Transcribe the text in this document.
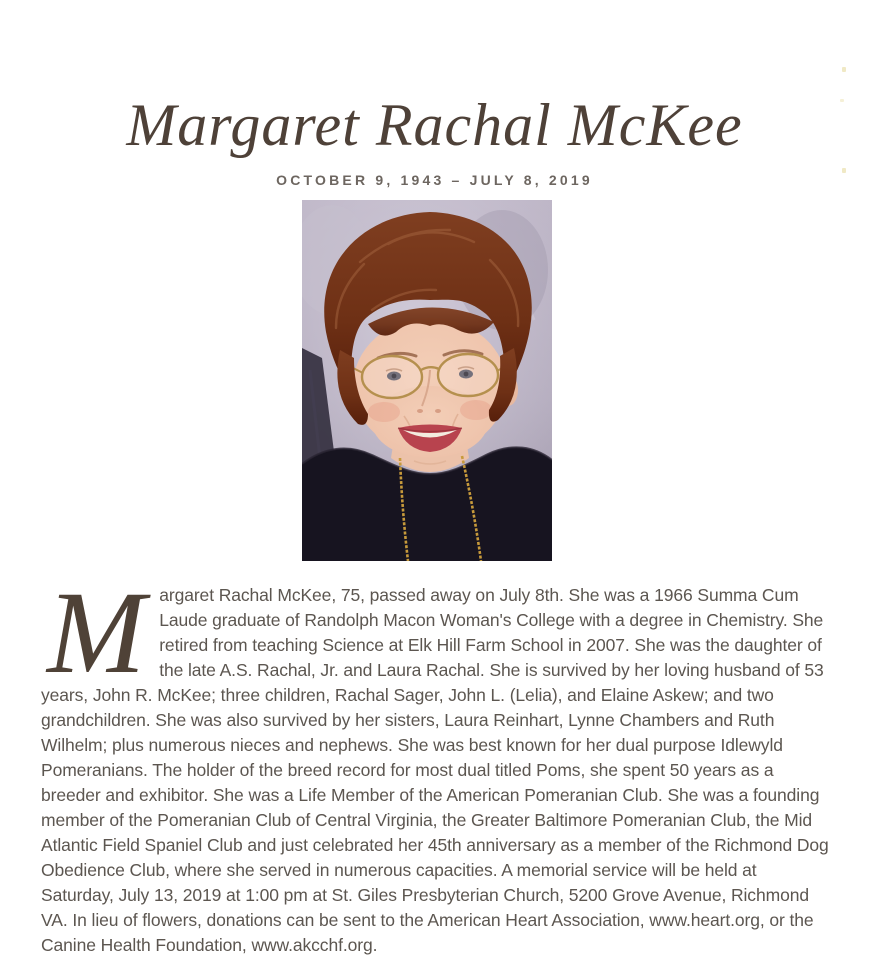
Margaret Rachal McKee
OCTOBER 9, 1943 – JULY 8, 2019

Margaret Rachal McKee, 75, passed away on July 8th. She was a 1966 Summa Cum Laude graduate of Randolph Macon Woman's College with a degree in Chemistry. She retired from teaching Science at Elk Hill Farm School in 2007. She was the daughter of the late A.S. Rachal, Jr. and Laura Rachal. She is survived by her loving husband of 53 years, John R. McKee; three children, Rachal Sager, John L. (Lelia), and Elaine Askew; and two grandchildren. She was also survived by her sisters, Laura Reinhart, Lynne Chambers and Ruth Wilhelm; plus numerous nieces and nephews. She was best known for her dual purpose Idlewyld Pomeranians. The holder of the breed record for most dual titled Poms, she spent 50 years as a breeder and exhibitor. She was a Life Member of the American Pomeranian Club. She was a founding member of the Pomeranian Club of Central Virginia, the Greater Baltimore Pomeranian Club, the Mid Atlantic Field Spaniel Club and just celebrated her 45th anniversary as a member of the Richmond Dog Obedience Club, where she served in numerous capacities. A memorial service will be held at Saturday, July 13, 2019 at 1:00 pm at St. Giles Presbyterian Church, 5200 Grove Avenue, Richmond VA. In lieu of flowers, donations can be sent to the American Heart Association, www.heart.org, or the Canine Health Foundation, www.akcchf.org.
